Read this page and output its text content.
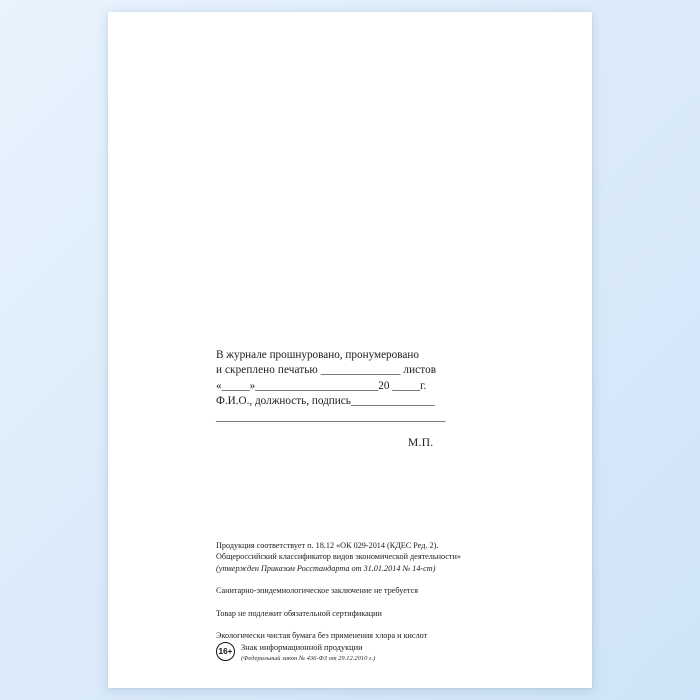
В журнале прошнуровано, пронумеровано
и скреплено печатью ______________ листов
«_____»______________________20 _____г.
Ф.И.О., должность, подпись_______________
_________________________________________
М.П.
Продукция соответствует п. 18.12 «ОК 029-2014 (КДЕС Ред. 2).
Общероссийский классификатор видов экономической деятельности»
(утвержден Приказом Росстандарта от 31.01.2014 № 14-ст)
Санитарно-эпидемиологическое заключение не требуется
Товар не подлежит обязательной сертификации
Экологически чистая бумага без применения хлора и кислот
16+	Знак информационной продукции
(Федеральный закон № 436-ФЗ от 29.12.2010 г.)
